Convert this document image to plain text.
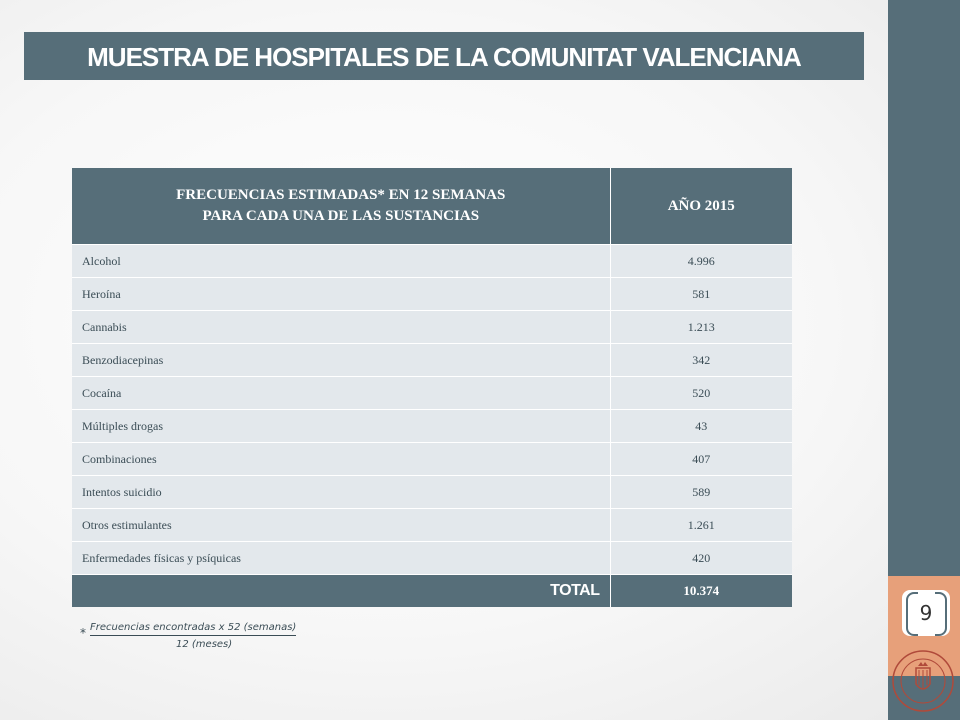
9
MUESTRA DE HOSPITALES DE LA COMUNITAT VALENCIANA
FRECUENCIAS ESTIMADAS* EN 12 SEMANAS
PARA CADA UNA DE LAS SUSTANCIAS	AÑO 2015
Alcohol	4.996
Heroína	581
Cannabis	1.213
Benzodiacepinas	342
Cocaína	520
Múltiples drogas	43
Combinaciones	407
Intentos suicidio	589
Otros estimulantes	1.261
Enfermedades físicas y psíquicas	420
TOTAL	10.374
* Frecuencias encontradas x 52 (semanas)
12 (meses)
